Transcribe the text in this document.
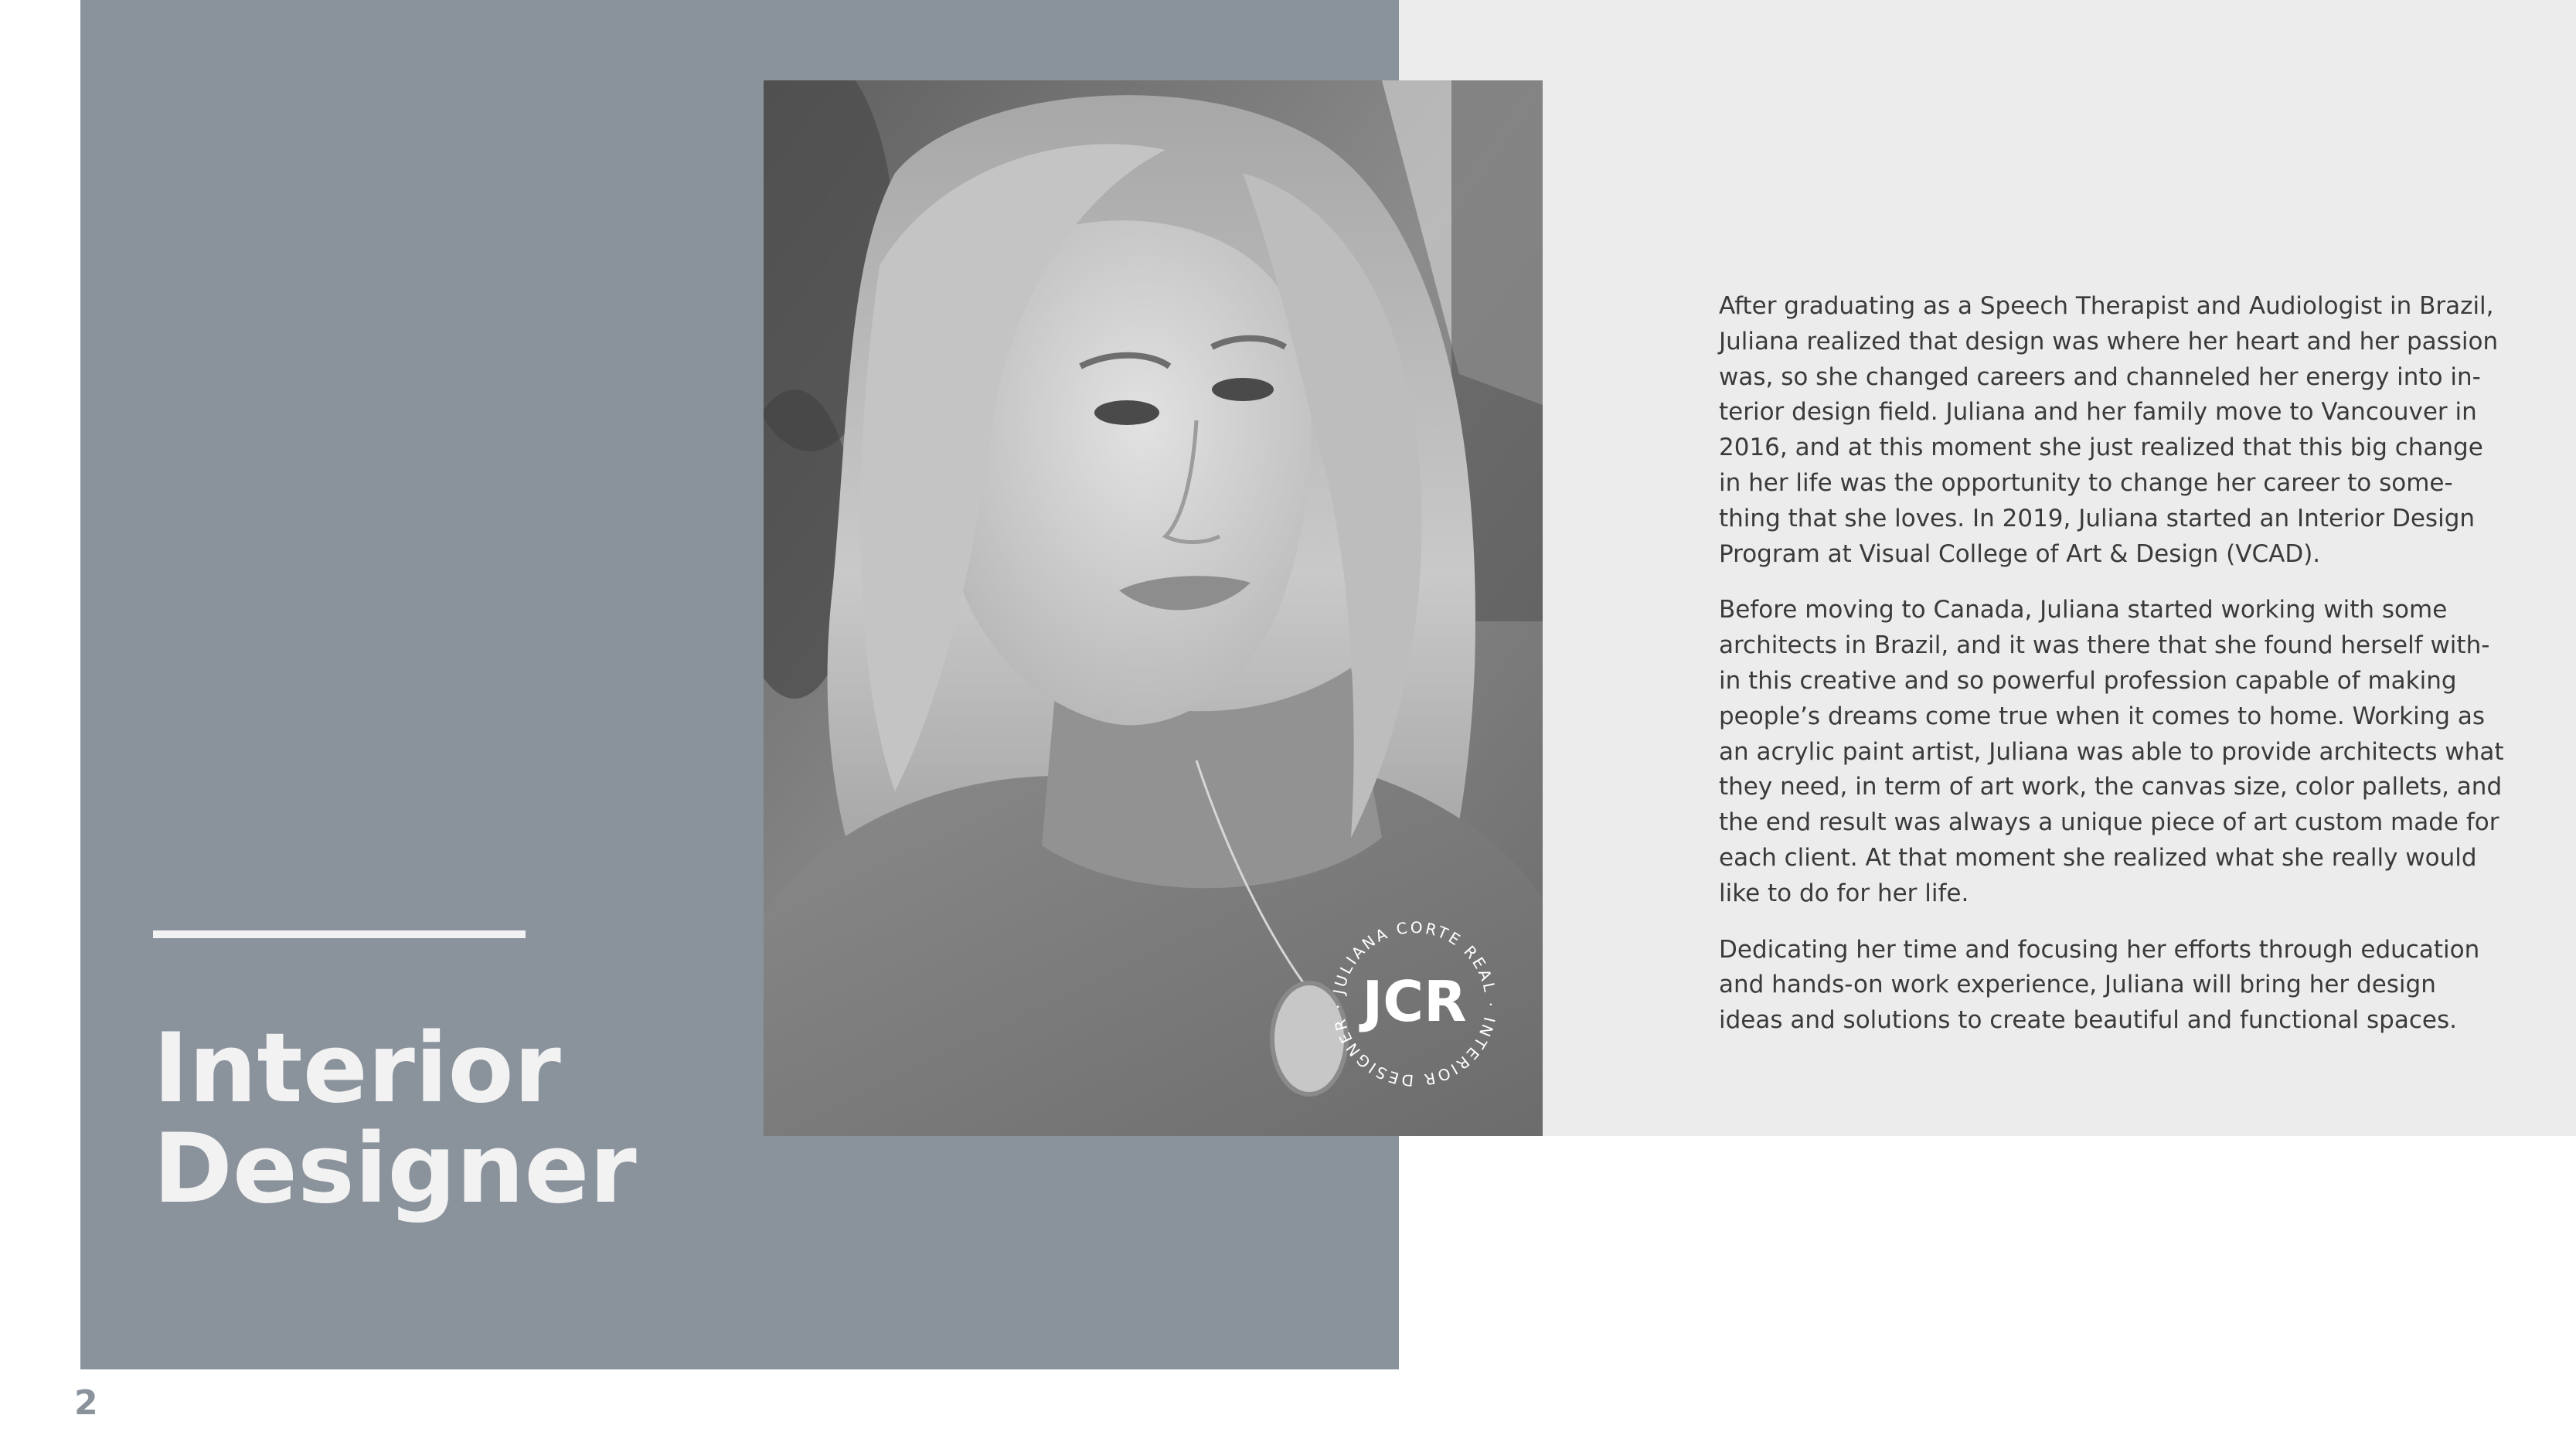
Interior
Designer
JCR
JULIANA CORTE REAL · INTERIOR DESIGNER ·

After graduating as a Speech Therapist and Audiologist in Brazil, Juliana realized that design was where her heart and her passion was, so she changed careers and channeled her energy into in-terior design field. Juliana and her family move to Vancouver in 2016, and at this moment she just realized that this big change in her life was the opportunity to change her career to some-thing that she loves. In 2019, Juliana started an Interior Design Program at Visual College of Art & Design (VCAD).

Before moving to Canada, Juliana started working with some architects in Brazil, and it was there that she found herself with-in this creative and so powerful profession capable of making people’s dreams come true when it comes to home. Working as an acrylic paint artist, Juliana was able to provide architects what they need, in term of art work, the canvas size, color pallets, and the end result was always a unique piece of art custom made for each client. At that moment she realized what she really would like to do for her life.

Dedicating her time and focusing her efforts through education and hands-on work experience, Juliana will bring her design ideas and solutions to create beautiful and functional spaces.

2
